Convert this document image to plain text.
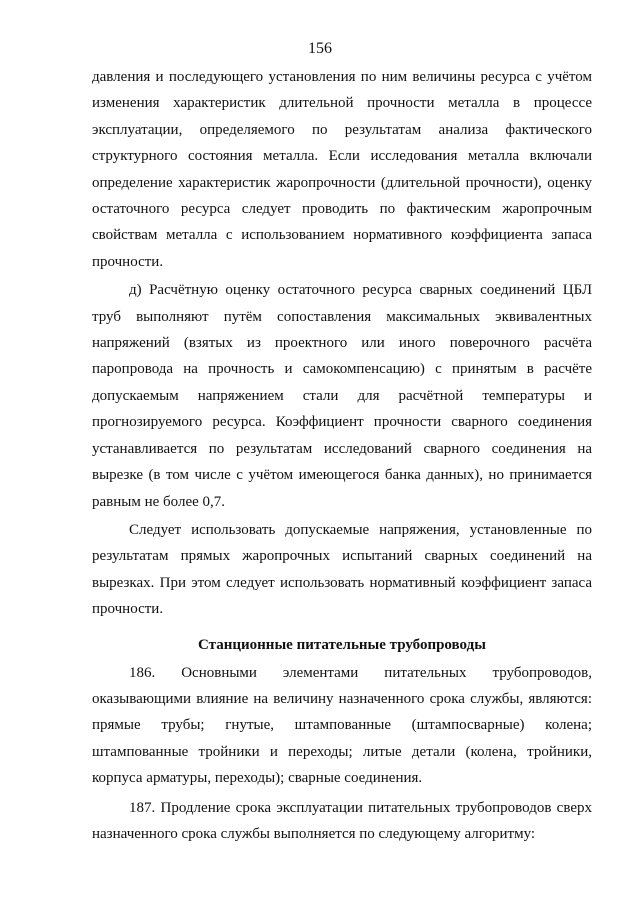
156

давления и последующего установления по ним величины ресурса с учётом изменения характеристик длительной прочности металла в процессе эксплуатации, определяемого по результатам анализа фактического структурного состояния металла. Если исследования металла включали определение характеристик жаропрочности (длительной прочности), оценку остаточного ресурса следует проводить по фактическим жаропрочным свойствам металла с использованием нормативного коэффициента запаса прочности.

д) Расчётную оценку остаточного ресурса сварных соединений ЦБЛ труб выполняют путём сопоставления максимальных эквивалентных напряжений (взятых из проектного или иного поверочного расчёта паропровода на прочность и самокомпенсацию) с принятым в расчёте допускаемым напряжением стали для расчётной температуры и прогнозируемого ресурса. Коэффициент прочности сварного соединения устанавливается по результатам исследований сварного соединения на вырезке (в том числе с учётом имеющегося банка данных), но принимается равным не более 0,7.

Следует использовать допускаемые напряжения, установленные по результатам прямых жаропрочных испытаний сварных соединений на вырезках. При этом следует использовать нормативный коэффициент запаса прочности.

Станционные питательные трубопроводы

186. Основными элементами питательных трубопроводов, оказывающими влияние на величину назначенного срока службы, являются: прямые трубы; гнутые, штампованные (штампосварные) колена; штампованные тройники и переходы; литые детали (колена, тройники, корпуса арматуры, переходы); сварные соединения.

187. Продление срока эксплуатации питательных трубопроводов сверх назначенного срока службы выполняется по следующему алгоритму:
